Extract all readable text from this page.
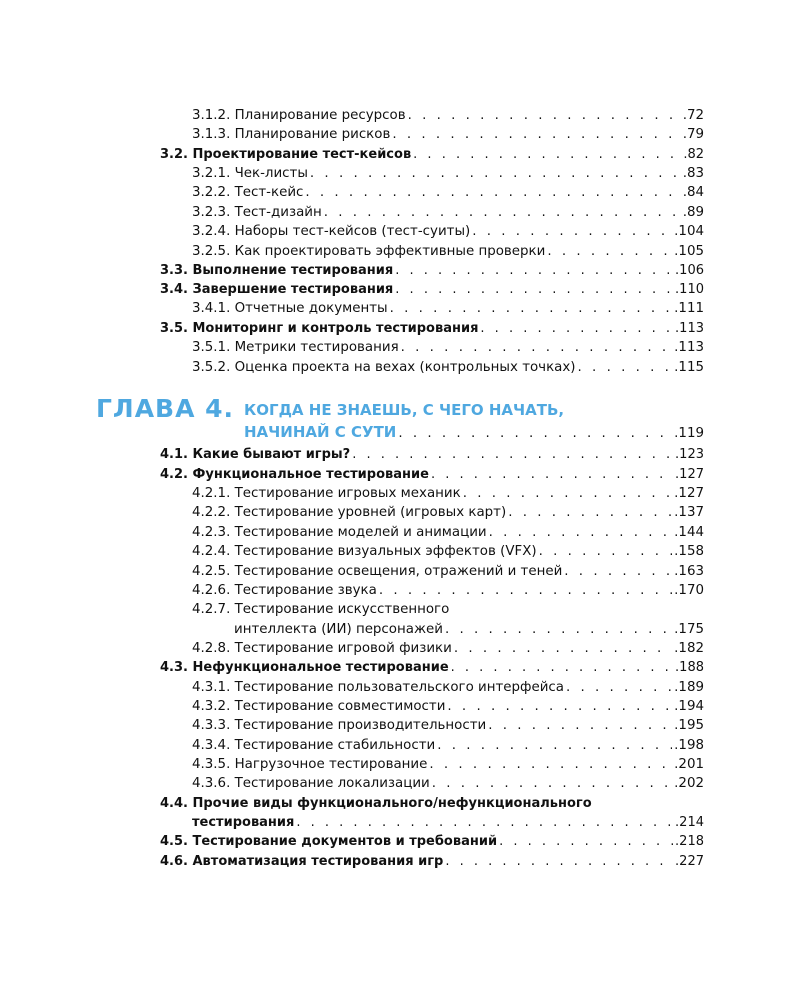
3.1.2. Планирование ресурсов . . .	.72
3.1.3. Планирование рисков . . .	.79
3.2. Проектирование тест-кейсов . . .	.82
3.2.1. Чек-листы . . .	.83
3.2.2. Тест-кейс . . .	.84
3.2.3. Тест-дизайн . . .	.89
3.2.4. Наборы тест-кейсов (тест-суиты) . . .	.104
3.2.5. Как проектировать эффективные проверки . . .	.105
3.3. Выполнение тестирования . . .	.106
3.4. Завершение тестирования . . .	.110
3.4.1. Отчетные документы . . .	.111
3.5. Мониторинг и контроль тестирования . . .	.113
3.5.1. Метрики тестирования . . .	.113
3.5.2. Оценка проекта на вехах (контрольных точках) . . .	.115
ГЛАВА 4. КОГДА НЕ ЗНАЕШЬ, С ЧЕГО НАЧАТЬ,
НАЧИНАЙ С СУТИ . . .	.119
4.1. Какие бывают игры? . . .	.123
4.2. Функциональное тестирование . . .	.127
4.2.1. Тестирование игровых механик . . .	.127
4.2.2. Тестирование уровней (игровых карт) . . .	.137
4.2.3. Тестирование моделей и анимации . . .	.144
4.2.4. Тестирование визуальных эффектов (VFX) . . .	.158
4.2.5. Тестирование освещения, отражений и теней . . .	.163
4.2.6. Тестирование звука . . .	.170
4.2.7. Тестирование искусственного
интеллекта (ИИ) персонажей . . .	.175
4.2.8. Тестирование игровой физики . . .	.182
4.3. Нефункциональное тестирование . . .	.188
4.3.1. Тестирование пользовательского интерфейса . . .	.189
4.3.2. Тестирование совместимости . . .	.194
4.3.3. Тестирование производительности . . .	.195
4.3.4. Тестирование стабильности . . .	.198
4.3.5. Нагрузочное тестирование . . .	.201
4.3.6. Тестирование локализации . . .	.202
4.4. Прочие виды функционального/нефункционального
тестирования . . .	.214
4.5. Тестирование документов и требований . . .	.218
4.6. Автоматизация тестирования игр . . .	.227
